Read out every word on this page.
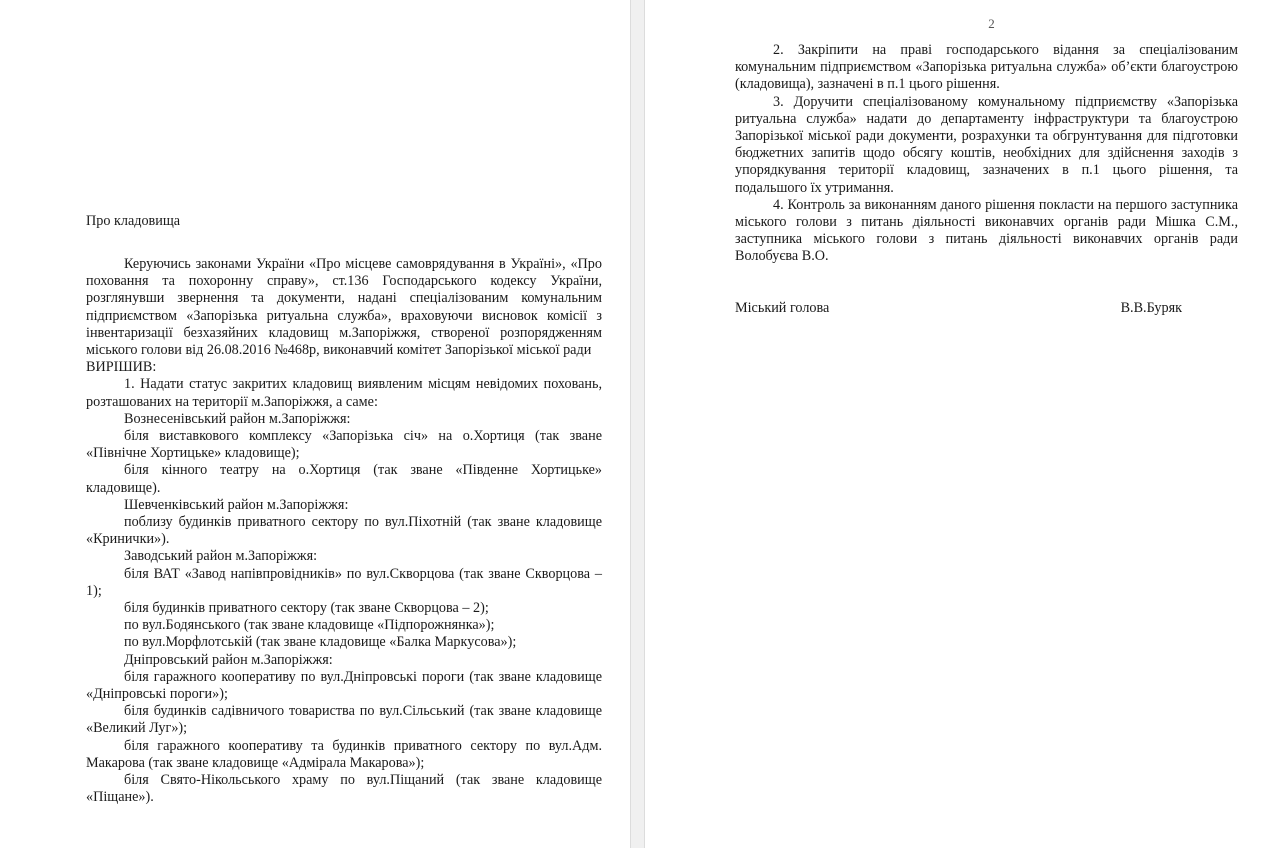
Про кладовища

Керуючись законами України «Про місцеве самоврядування в Україні», «Про поховання та похоронну справу», ст.136 Господарського кодексу України, розглянувши звернення та документи, надані спеціалізованим комунальним підприємством «Запорізька ритуальна служба», враховуючи висновок комісії з інвентаризації безхазяйних кладовищ м.Запоріжжя, створеної розпорядженням міського голови від 26.08.2016 №468р, виконавчий комітет Запорізької міської ради

ВИРІШИВ:

1. Надати статус закритих кладовищ виявленим місцям невідомих поховань, розташованих на території м.Запоріжжя, а саме:

Вознесенівський район м.Запоріжжя:

біля виставкового комплексу «Запорізька січ» на о.Хортиця (так зване «Північне Хортицьке» кладовище);

біля кінного театру на о.Хортиця (так зване «Південне Хортицьке» кладовище).

Шевченківський район м.Запоріжжя:

поблизу будинків приватного сектору по вул.Піхотній (так зване кладовище «Кринички»).

Заводський район м.Запоріжжя:

біля ВАТ «Завод напівпровідників» по вул.Скворцова (так зване Скворцова – 1);

біля будинків приватного сектору (так зване Скворцова – 2);

по вул.Бодянського (так зване кладовище «Підпорожнянка»);

по вул.Морфлотській (так зване кладовище «Балка Маркусова»);

Дніпровський район м.Запоріжжя:

біля гаражного кооперативу по вул.Дніпровські пороги (так зване кладовище «Дніпровські пороги»);

біля будинків садівничого товариства по вул.Сільський (так зване кладовище «Великий Луг»);

біля гаражного кооперативу та будинків приватного сектору по вул.Адм. Макарова (так зване кладовище «Адмірала Макарова»);

біля Свято-Нікольського храму по вул.Піщаний (так зване кладовище «Піщане»).

2

2. Закріпити на праві господарського відання за спеціалізованим комунальним підприємством «Запорізька ритуальна служба» об’єкти благоустрою (кладовища), зазначені в п.1 цього рішення.

3. Доручити спеціалізованому комунальному підприємству «Запорізька ритуальна служба» надати до департаменту інфраструктури та благоустрою Запорізької міської ради документи, розрахунки та обгрунтування для підготовки бюджетних запитів щодо обсягу коштів, необхідних для здійснення заходів з упорядкування території кладовищ, зазначених в п.1 цього рішення, та подальшого їх утримання.

4. Контроль за виконанням даного рішення покласти на першого заступника міського голови з питань діяльності виконавчих органів ради Мішка С.М., заступника міського голови з питань діяльності виконавчих органів ради Волобуєва В.О.

Міський голова	В.В.Буряк
